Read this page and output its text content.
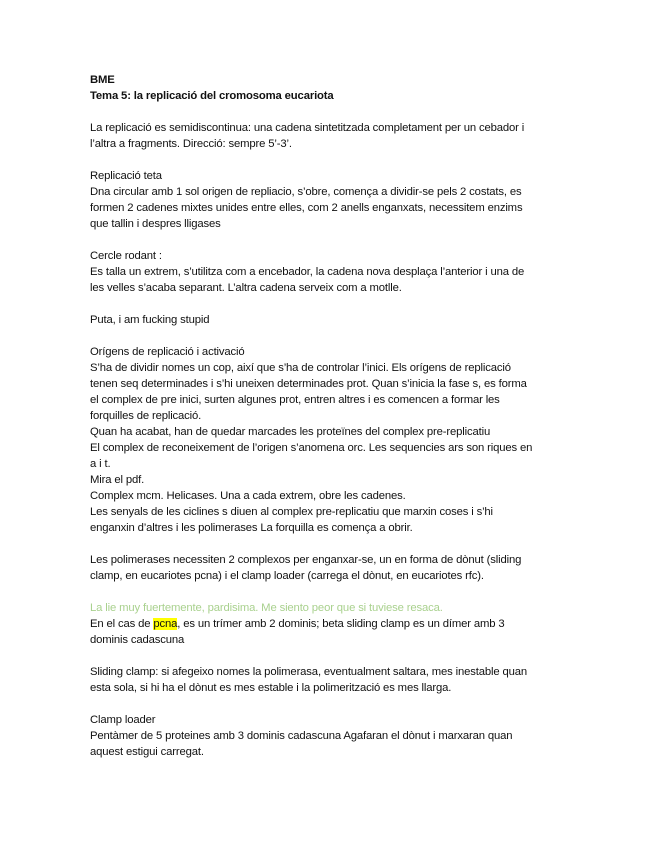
BME
Tema 5: la replicació del cromosoma eucariota
La replicació es semidiscontinua: una cadena sintetitzada completament per un cebador i
l’altra a fragments. Direcció: sempre 5’-3’.
Replicació teta
Dna circular amb 1 sol origen de repliacio, s’obre, comença a dividir-se pels 2 costats, es
formen 2 cadenes mixtes unides entre elles, com 2 anells enganxats, necessitem enzims
que tallin i despres lligases
Cercle rodant :
Es talla un extrem, s’utilitza com a encebador, la cadena nova desplaça l’anterior i una de
les velles s’acaba separant. L’altra cadena serveix com a motlle.
Puta, i am fucking stupid
Orígens de replicació i activació
S’ha de dividir nomes un cop, així que s’ha de controlar l’inici. Els orígens de replicació
tenen seq determinades i s’hi uneixen determinades prot. Quan s’inicia la fase s, es forma
el complex de pre inici, surten algunes prot, entren altres i es comencen a formar les
forquilles de replicació.
Quan ha acabat, han de quedar marcades les proteïnes del complex pre-replicatiu
El complex de reconeixement de l’origen s’anomena orc. Les sequencies ars son riques en
a i t.
Mira el pdf.
Complex mcm. Helicases. Una a cada extrem, obre les cadenes.
Les senyals de les ciclines s diuen al complex pre-replicatiu que marxin coses i s’hi
enganxin d’altres i les polimerases La forquilla es comença a obrir.
Les polimerases necessiten 2 complexos per enganxar-se, un en forma de dònut (sliding
clamp, en eucariotes pcna) i el clamp loader (carrega el dònut, en eucariotes rfc).
La lie muy fuertemente, pardisima. Me siento peor que si tuviese resaca.
En el cas de pcna, es un trímer amb 2 dominis; beta sliding clamp es un dímer amb 3
dominis cadascuna
Sliding clamp: si afegeixo nomes la polimerasa, eventualment saltara, mes inestable quan
esta sola, si hi ha el dònut es mes estable i la polimerització es mes llarga.
Clamp loader
Pentàmer de 5 proteines amb 3 dominis cadascuna Agafaran el dònut i marxaran quan
aquest estigui carregat.
